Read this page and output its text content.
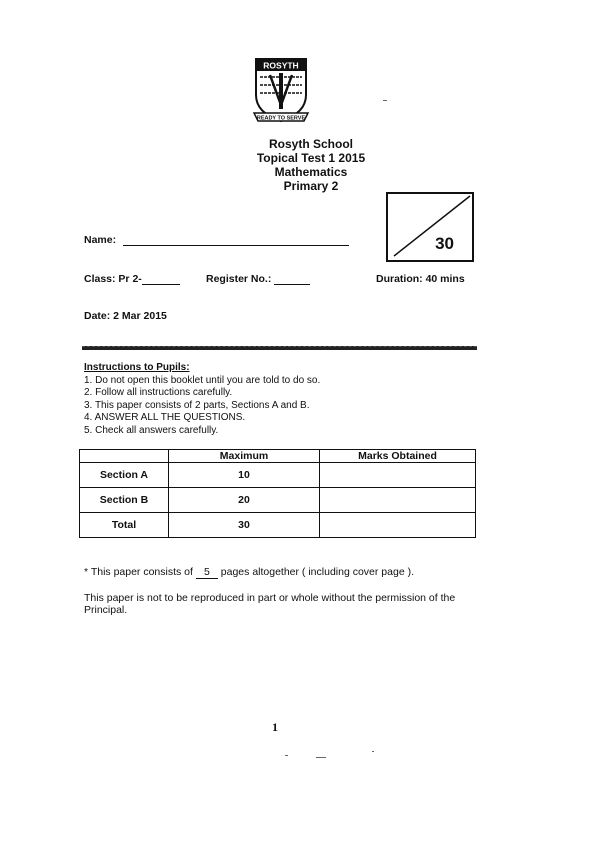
ROSYTH
READY TO SERVE
Rosyth School
Topical Test 1 2015
Mathematics
Primary 2
30
Name:
Class: Pr 2-	Register No.:	Duration: 40 mins
Date: 2 Mar 2015
Instructions to Pupils:
1. Do not open this booklet until you are told to do so.
2. Follow all instructions carefully.
3. This paper consists of 2 parts, Sections A and B.
4. ANSWER ALL THE QUESTIONS.
5. Check all answers carefully.
	Maximum	Marks Obtained
Section A	10	
Section B	20	
Total	30	
* This paper consists of 5 pages altogether ( including cover page ).
This paper is not to be reproduced in part or whole without the permission of the Principal.
1
